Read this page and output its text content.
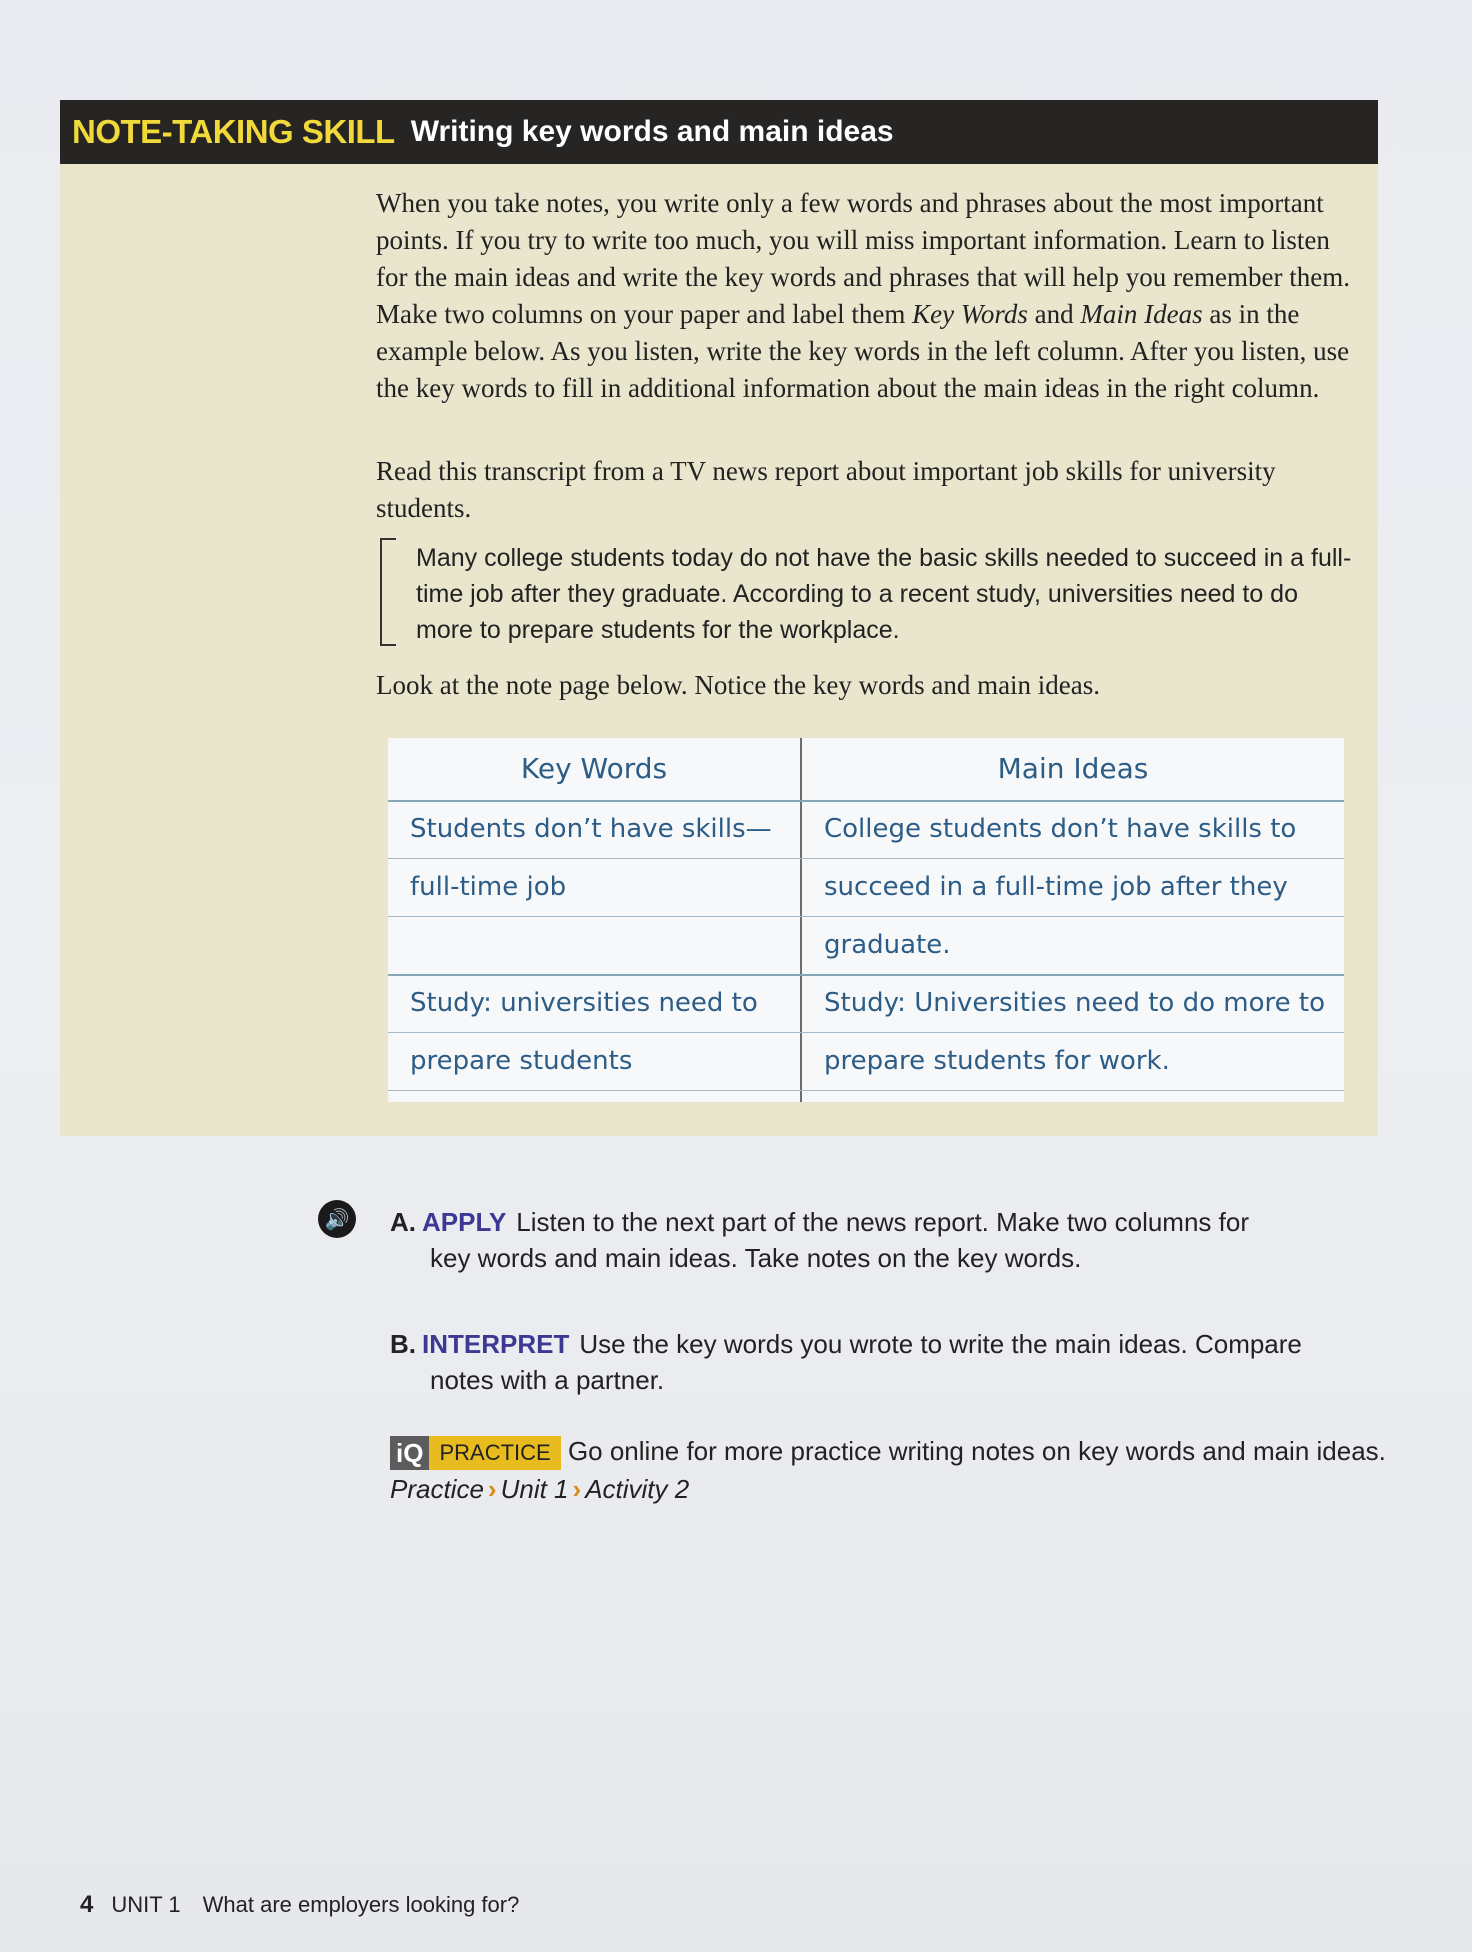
NOTE-TAKING SKILL Writing key words and main ideas
When you take notes, you write only a few words and phrases about the most important points. If you try to write too much, you will miss important information. Learn to listen for the main ideas and write the key words and phrases that will help you remember them. Make two columns on your paper and label them Key Words and Main Ideas as in the example below. As you listen, write the key words in the left column. After you listen, use the key words to fill in additional information about the main ideas in the right column.
Read this transcript from a TV news report about important job skills for university students.
Many college students today do not have the basic skills needed to succeed in a full-time job after they graduate. According to a recent study, universities need to do more to prepare students for the workplace.
Look at the note page below. Notice the key words and main ideas.
Key Words	Main Ideas
Students don’t have skills—
full-time job
Study: universities need to
prepare students
College students don’t have skills to
succeed in a full-time job after they
graduate.
Study: Universities need to do more to
prepare students for work.
🔊 A. APPLY Listen to the next part of the news report. Make two columns for
key words and main ideas. Take notes on the key words.
B. INTERPRET Use the key words you wrote to write the main ideas. Compare
notes with a partner.
iQ PRACTICE Go online for more practice writing notes on key words and main ideas. Practice › Unit 1 › Activity 2
4 UNIT 1 What are employers looking for?
